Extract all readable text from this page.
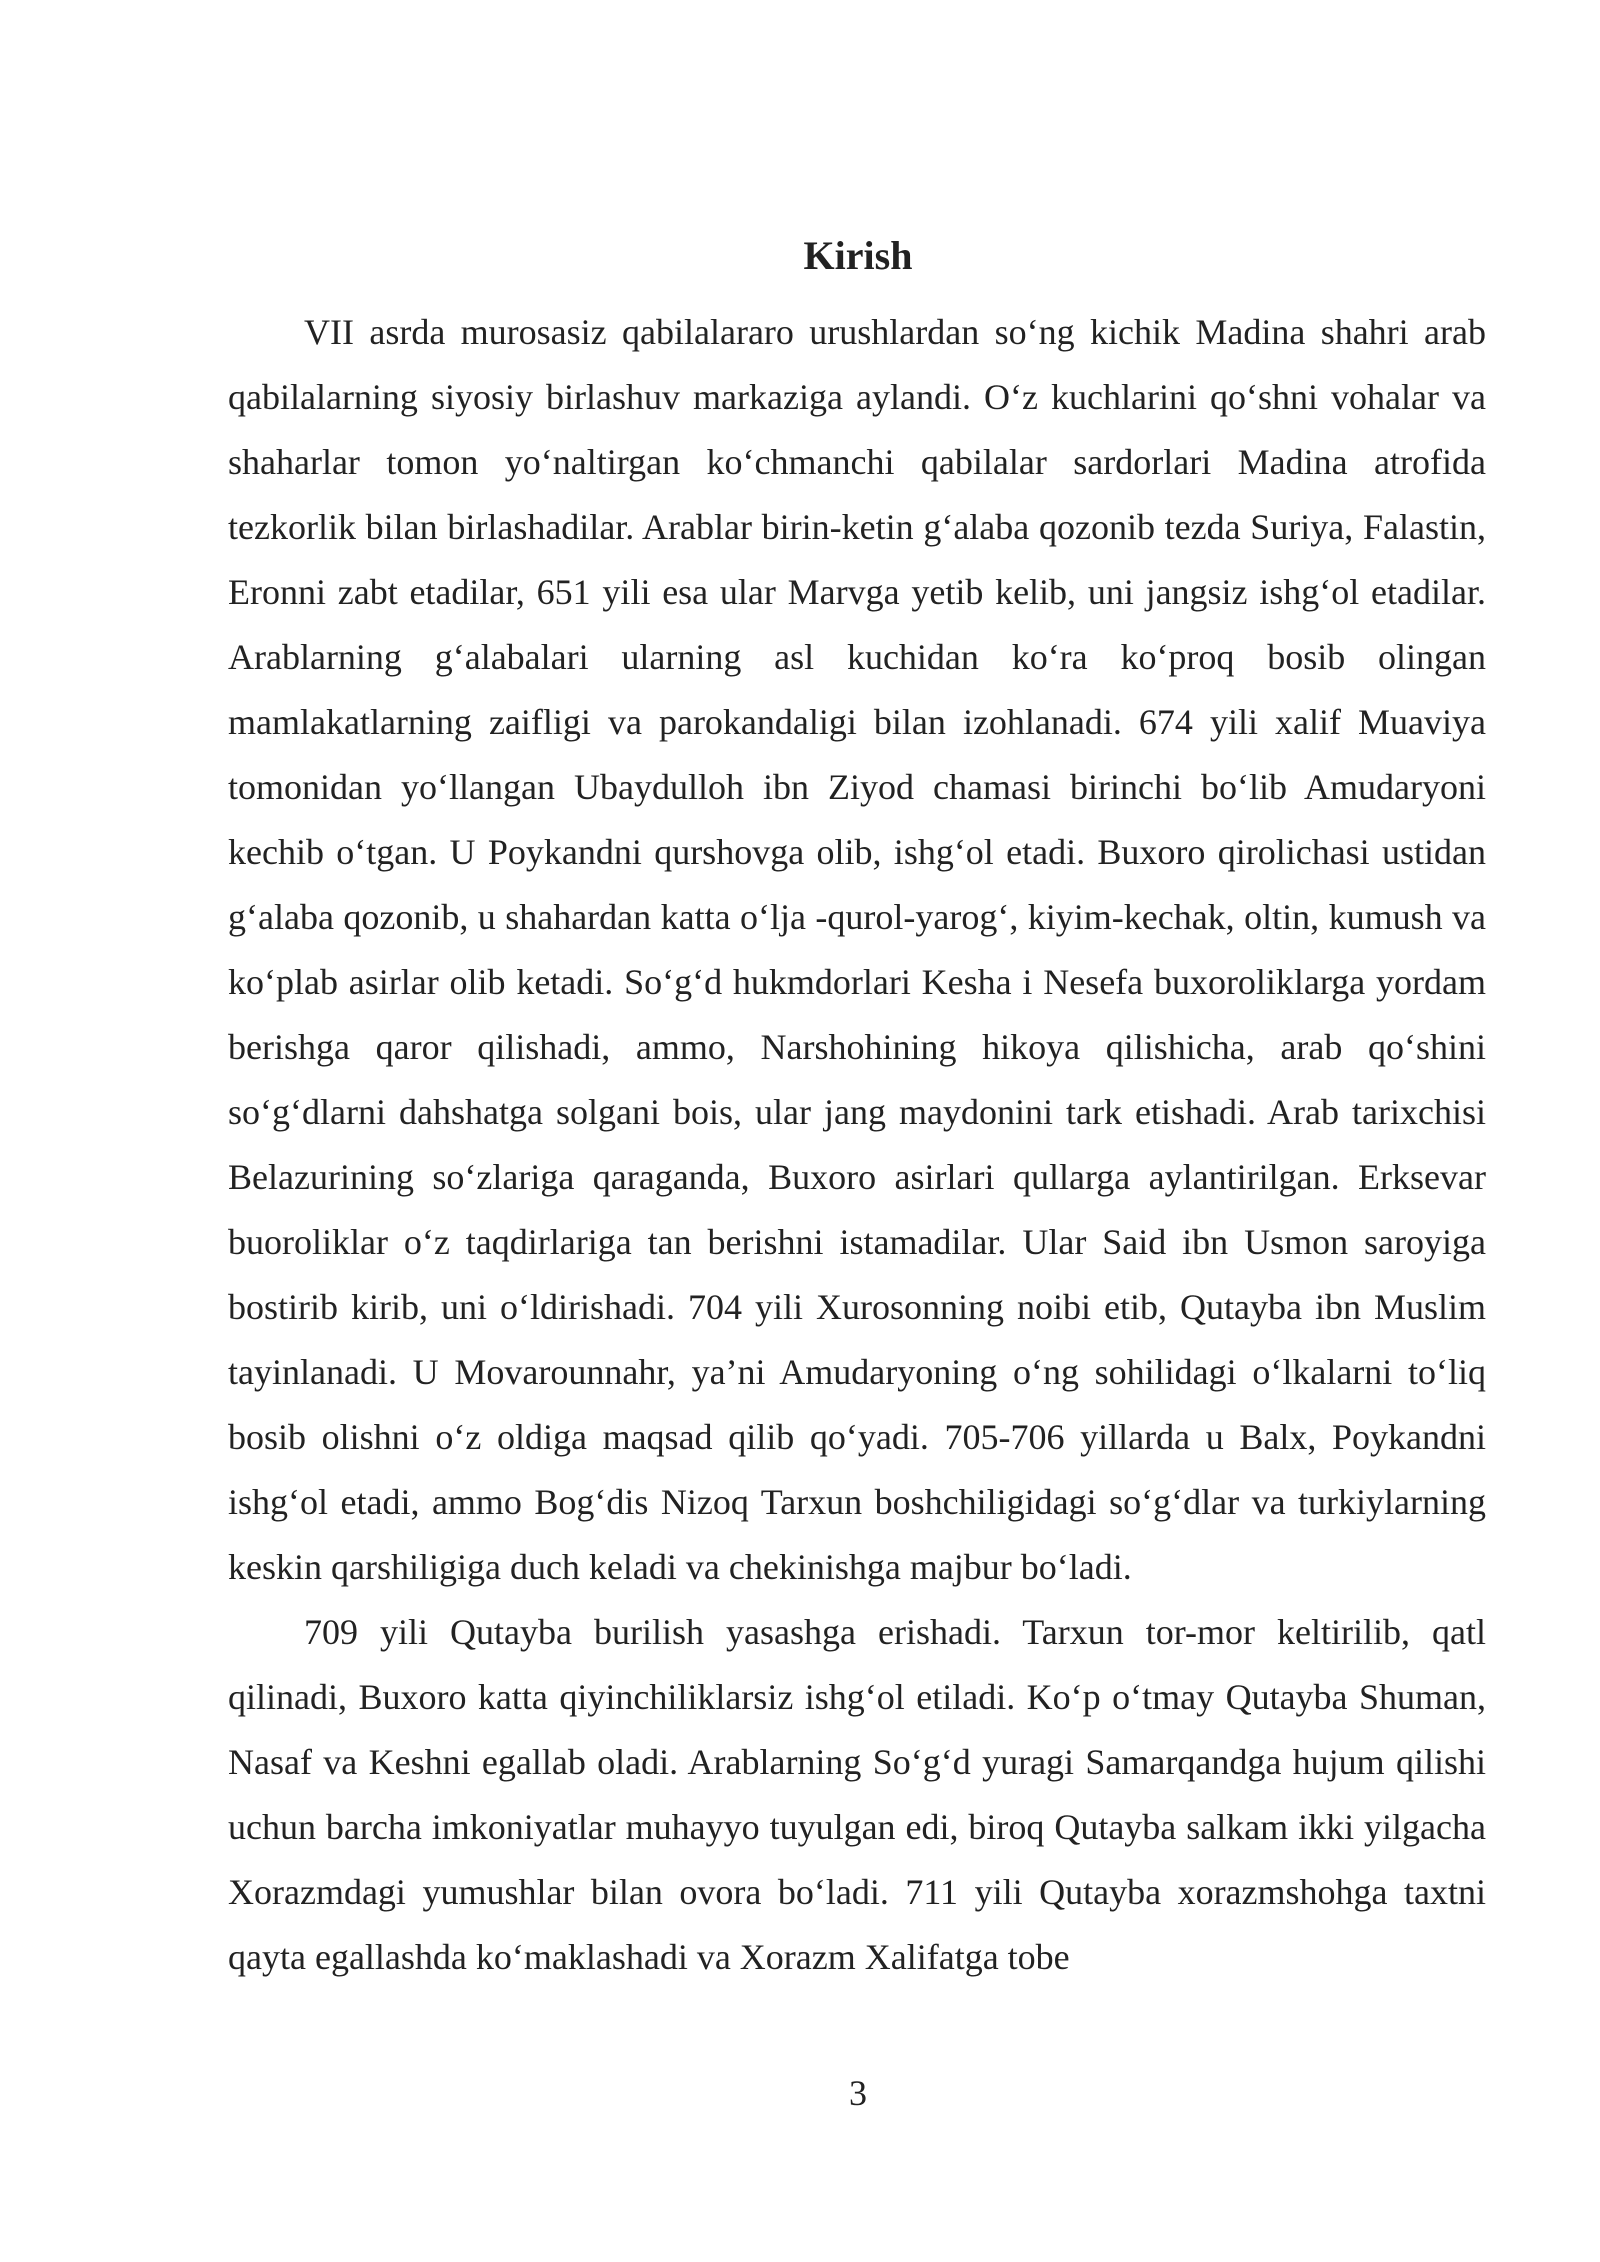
Kirish

VII asrda murosasiz qabilalararo urushlardan so‘ng kichik Madina shahri arab qabilalarning siyosiy birlashuv markaziga aylandi. O‘z kuchlarini qo‘shni vohalar va shaharlar tomon yo‘naltirgan ko‘chmanchi qabilalar sardorlari Madina atrofida tezkorlik bilan birlashadilar. Arablar birin-ketin g‘alaba qozonib tezda Suriya, Falastin, Eronni zabt etadilar, 651 yili esa ular Marvga yetib kelib, uni jangsiz ishg‘ol etadilar. Arablarning g‘alabalari ularning asl kuchidan ko‘ra ko‘proq bosib olingan mamlakatlarning zaifligi va parokandaligi bilan izohlanadi. 674 yili xalif Muaviya tomonidan yo‘llangan Ubaydulloh ibn Ziyod chamasi birinchi bo‘lib Amudaryoni kechib o‘tgan. U Poykandni qurshovga olib, ishg‘ol etadi. Buxoro qirolichasi ustidan g‘alaba qozonib, u shahardan katta o‘lja -qurol-yarog‘, kiyim-kechak, oltin, kumush va ko‘plab asirlar olib ketadi. So‘g‘d hukmdorlari Kesha i Nesefa buxoroliklarga yordam berishga qaror qilishadi, ammo, Narshohining hikoya qilishicha, arab qo‘shini so‘g‘dlarni dahshatga solgani bois, ular jang maydonini tark etishadi. Arab tarixchisi Belazurining so‘zlariga qaraganda, Buxoro asirlari qullarga aylantirilgan. Erksevar buoroliklar o‘z taqdirlariga tan berishni istamadilar. Ular Said ibn Usmon saroyiga bostirib kirib, uni o‘ldirishadi. 704 yili Xurosonning noibi etib, Qutayba ibn Muslim tayinlanadi. U Movarounnahr, ya’ni Amudaryoning o‘ng sohilidagi o‘lkalarni to‘liq bosib olishni o‘z oldiga maqsad qilib qo‘yadi. 705-706 yillarda u Balx, Poykandni ishg‘ol etadi, ammo Bog‘dis Nizoq Tarxun boshchiligidagi so‘g‘dlar va turkiylarning keskin qarshiligiga duch keladi va chekinishga majbur bo‘ladi.

709 yili Qutayba burilish yasashga erishadi. Tarxun tor-mor keltirilib, qatl qilinadi, Buxoro katta qiyinchiliklarsiz ishg‘ol etiladi. Ko‘p o‘tmay Qutayba Shuman, Nasaf va Keshni egallab oladi. Arablarning So‘g‘d yuragi Samarqandga hujum qilishi uchun barcha imkoniyatlar muhayyo tuyulgan edi, biroq Qutayba salkam ikki yilgacha Xorazmdagi yumushlar bilan ovora bo‘ladi. 711 yili Qutayba xorazmshohga taxtni qayta egallashda ko‘maklashadi va Xorazm Xalifatga tobe

3
